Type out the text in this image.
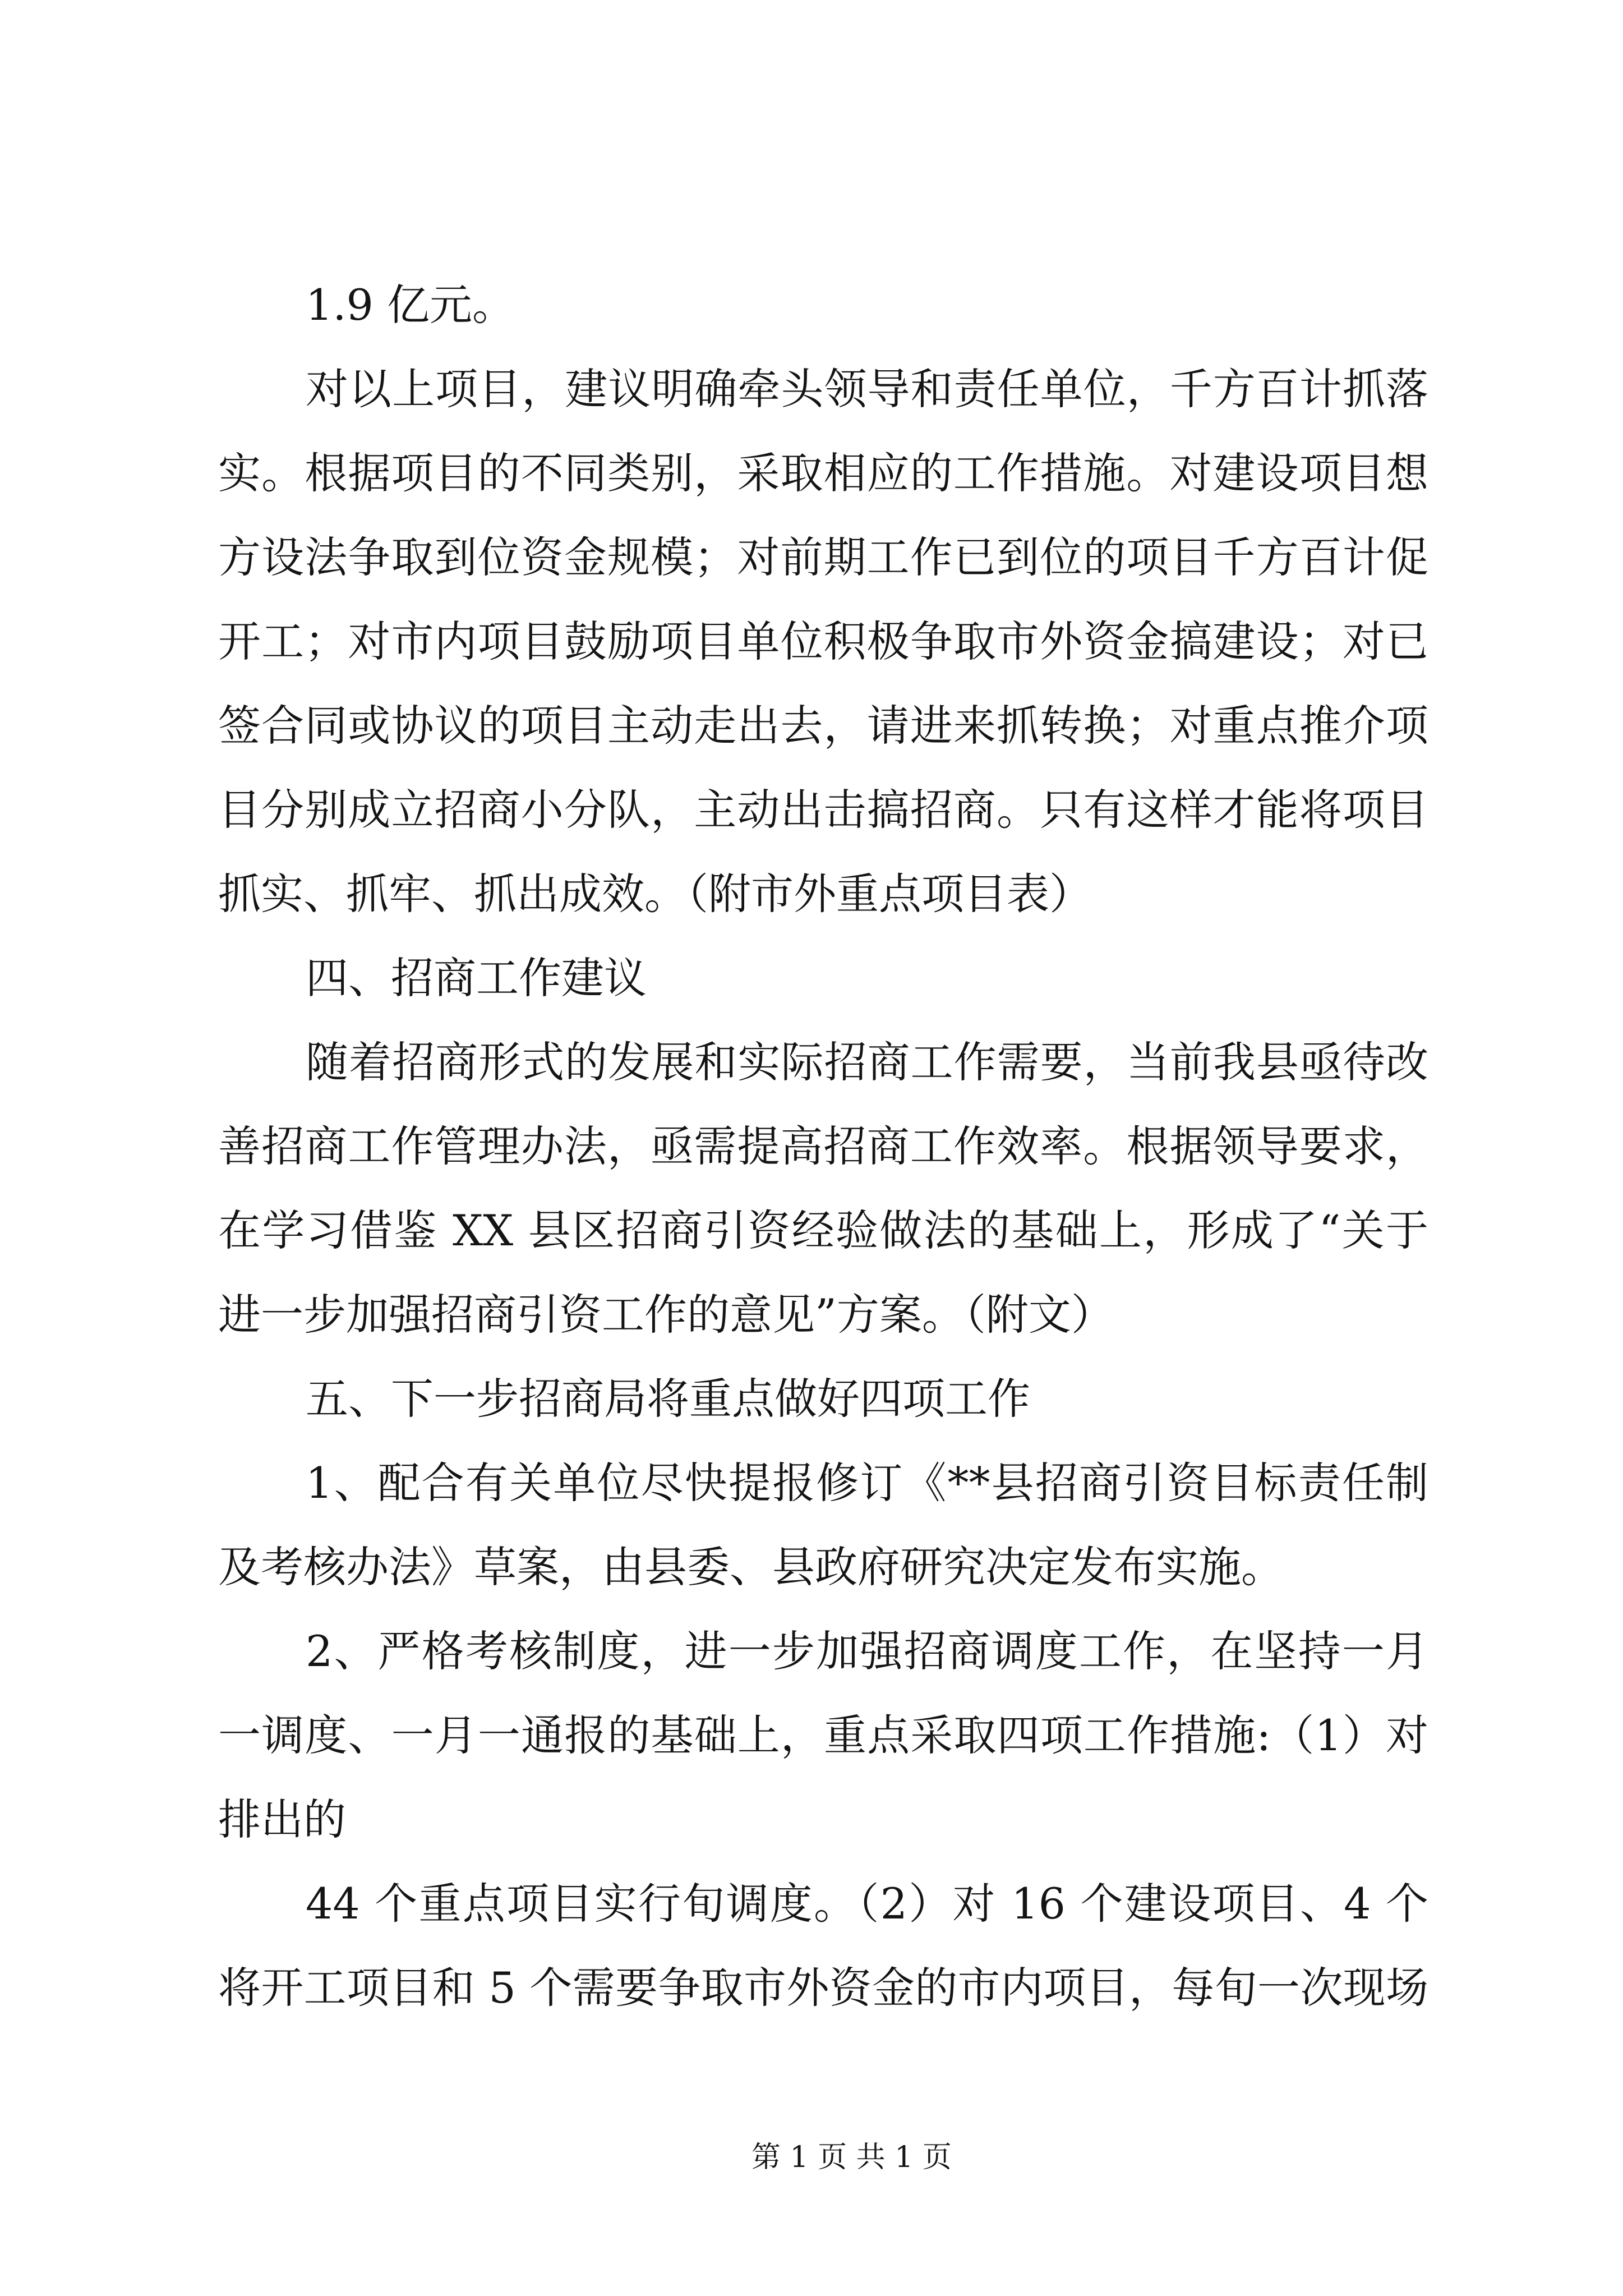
1.9 亿元。
对以上项目，建议明确牵头领导和责任单位，千方百计抓落
实。根据项目的不同类别，采取相应的工作措施。对建设项目想
方设法争取到位资金规模；对前期工作已到位的项目千方百计促
开工；对市内项目鼓励项目单位积极争取市外资金搞建设；对已
签合同或协议的项目主动走出去，请进来抓转换；对重点推介项
目分别成立招商小分队，主动出击搞招商。只有这样才能将项目
抓实、抓牢、抓出成效。（附市外重点项目表）
四、招商工作建议
随着招商形式的发展和实际招商工作需要，当前我县亟待改
善招商工作管理办法，亟需提高招商工作效率。根据领导要求，
在学习借鉴 XX 县区招商引资经验做法的基础上，形成了“关于
进一步加强招商引资工作的意见”方案。（附文）
五、下一步招商局将重点做好四项工作
1、配合有关单位尽快提报修订《**县招商引资目标责任制
及考核办法》草案，由县委、县政府研究决定发布实施。
2、严格考核制度，进一步加强招商调度工作，在坚持一月
一调度、一月一通报的基础上，重点采取四项工作措施:（1）对
排出的
44 个重点项目实行旬调度。（2）对 16 个建设项目、4 个
将开工项目和 5 个需要争取市外资金的市内项目，每旬一次现场
第 1 页 共 1 页
